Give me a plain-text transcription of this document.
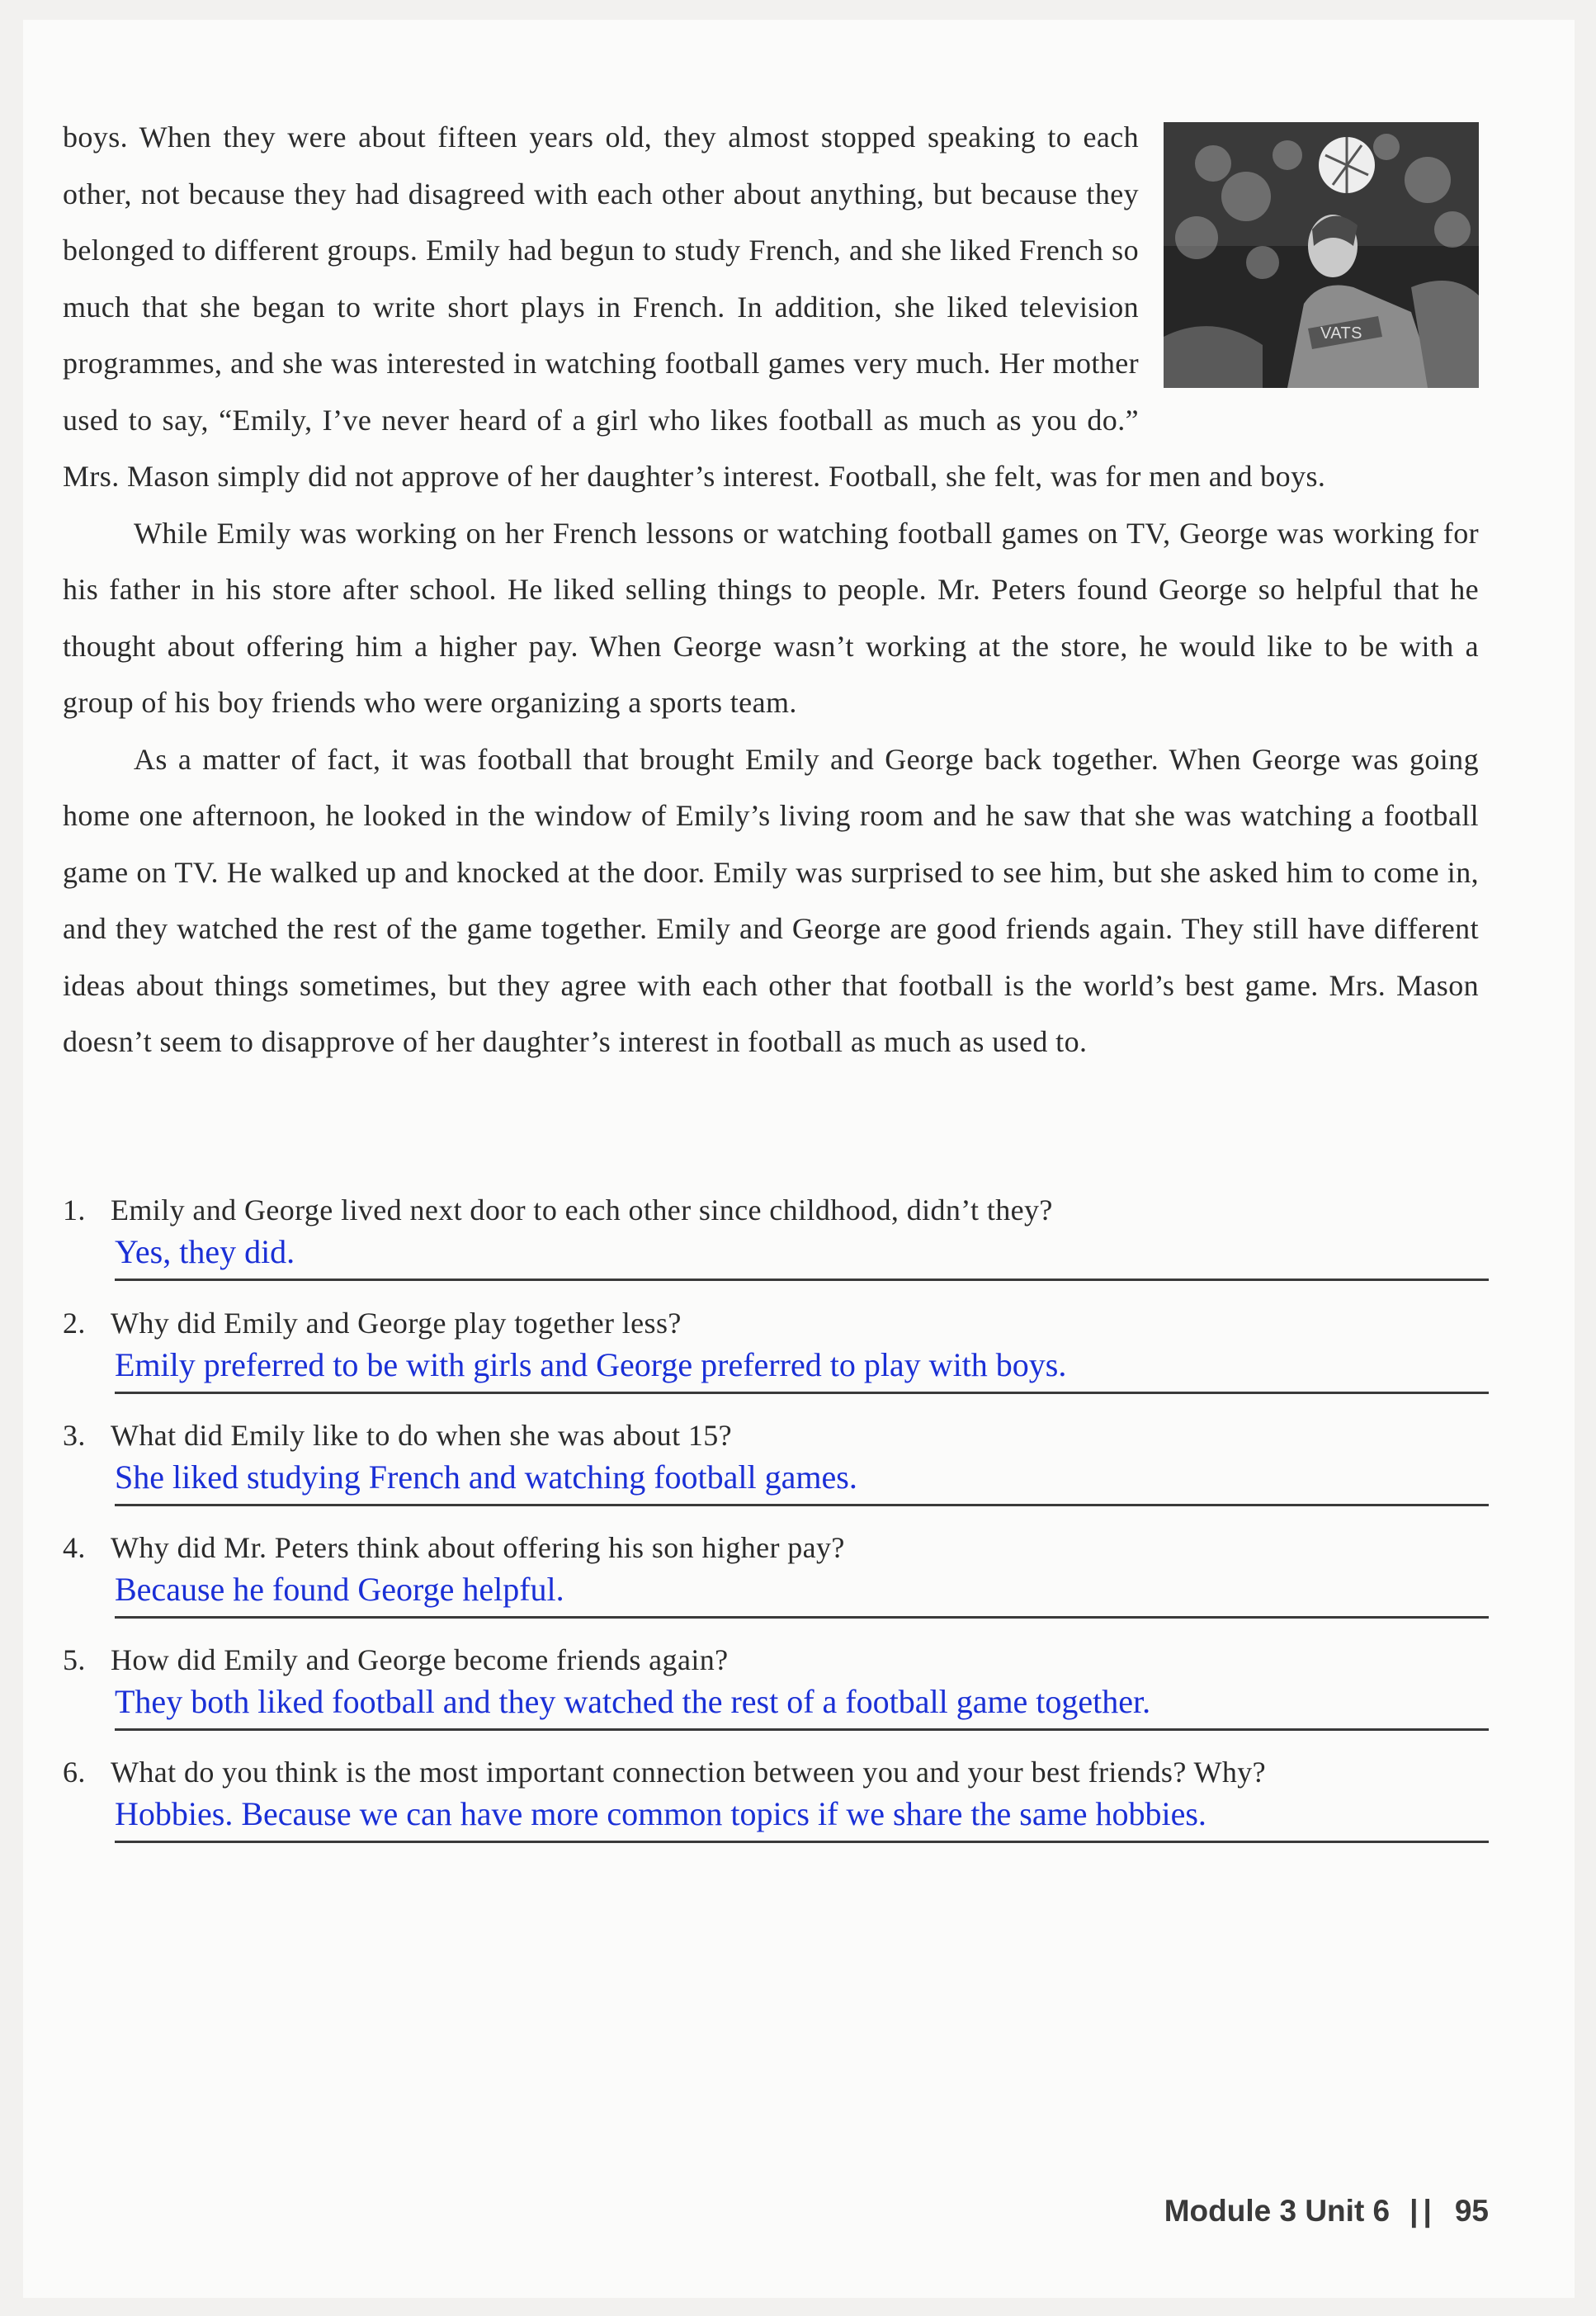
VATS

boys. When they were about fifteen years old, they almost stopped speaking to each other, not because they had disagreed with each other about anything, but because they belonged to different groups. Emily had begun to study French, and she liked French so much that she began to write short plays in French. In addition, she liked television programmes, and she was interested in watching football games very much. Her mother used to say, “Emily, I’ve never heard of a girl who likes football as much as you do.” Mrs. Mason simply did not approve of her daughter’s interest. Football, she felt, was for men and boys.

While Emily was working on her French lessons or watching football games on TV, George was working for his father in his store after school. He liked selling things to people. Mr. Peters found George so helpful that he thought about offering him a higher pay. When George wasn’t working at the store, he would like to be with a group of his boy friends who were organizing a sports team.

As a matter of fact, it was football that brought Emily and George back together. When George was going home one afternoon, he looked in the window of Emily’s living room and he saw that she was watching a football game on TV. He walked up and knocked at the door. Emily was surprised to see him, but she asked him to come in, and they watched the rest of the game together. Emily and George are good friends again. They still have different ideas about things sometimes, but they agree with each other that football is the world’s best game. Mrs. Mason doesn’t seem to disapprove of her daughter’s interest in football as much as used to.

1. Emily and George lived next door to each other since childhood, didn’t they?
Yes, they did.
2. Why did Emily and George play together less?
Emily preferred to be with girls and George preferred to play with boys.
3. What did Emily like to do when she was about 15?
She liked studying French and watching football games.
4. Why did Mr. Peters think about offering his son higher pay?
Because he found George helpful.
5. How did Emily and George become friends again?
They both liked football and they watched the rest of a football game together.
6. What do you think is the most important connection between you and your best friends? Why?
Hobbies. Because we can have more common topics if we share the same hobbies.
Module 3 Unit 6 || 95
